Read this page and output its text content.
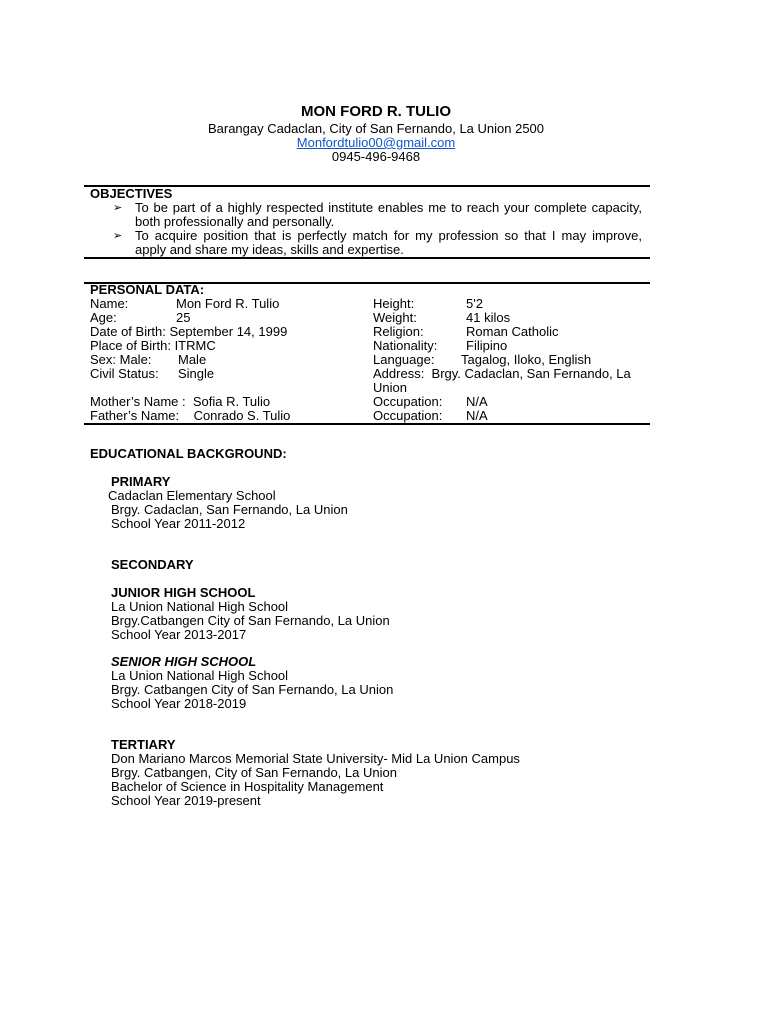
MON FORD R. TULIO
Barangay Cadaclan, City of San Fernando, La Union 2500
Monfordtulio00@gmail.com
0945-496-9468
OBJECTIVES
➢ To be part of a highly respected institute enables me to reach your complete capacity, both professionally and personally.
➢ To acquire position that is perfectly match for my profession so that I may improve, apply and share my ideas, skills and expertise.
PERSONAL DATA:
Name:	Mon Ford R. Tulio	Height:	5'2
Age:	25	Weight:	41 kilos
Date of Birth: September 14, 1999	Religion:	Roman Catholic
Place of Birth: ITRMC	Nationality: Filipino
Sex: Male: Male	Language: Tagalog, Iloko, English
Civil Status: Single	Address: Brgy. Cadaclan, San Fernando, La Union
Mother’s Name : Sofia R. Tulio	Occupation: N/A
Father’s Name: Conrado S. Tulio	Occupation: N/A
EDUCATIONAL BACKGROUND:
PRIMARY
Cadaclan Elementary School
Brgy. Cadaclan, San Fernando, La Union
School Year 2011-2012
SECONDARY
JUNIOR HIGH SCHOOL
La Union National High School
Brgy.Catbangen City of San Fernando, La Union
School Year 2013-2017
SENIOR HIGH SCHOOL
La Union National High School
Brgy. Catbangen City of San Fernando, La Union
School Year 2018-2019
TERTIARY
Don Mariano Marcos Memorial State University- Mid La Union Campus
Brgy. Catbangen, City of San Fernando, La Union
Bachelor of Science in Hospitality Management
School Year 2019-present
